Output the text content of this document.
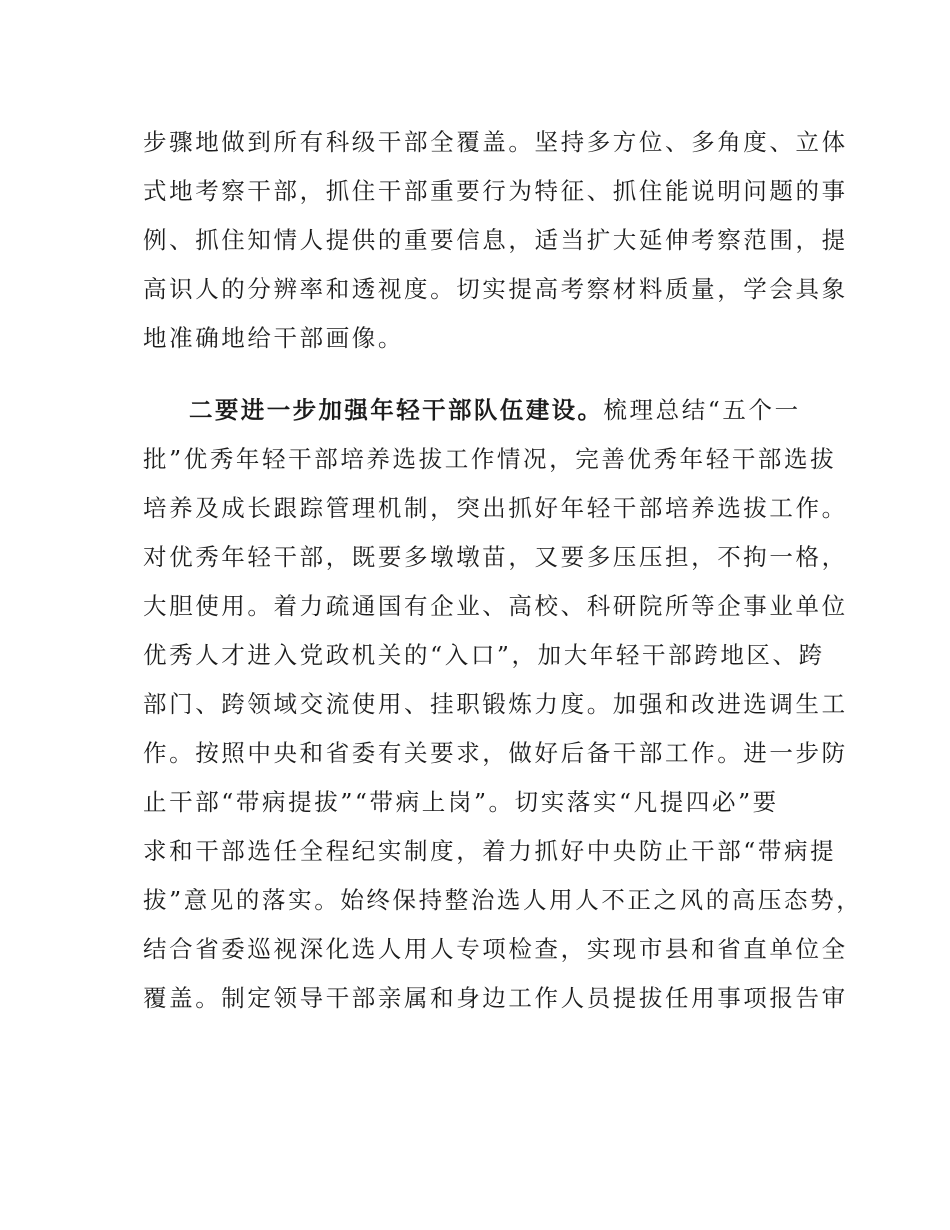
步骤地做到所有科级干部全覆盖。坚持多方位、多角度、立体
式地考察干部，抓住干部重要行为特征、抓住能说明问题的事
例、抓住知情人提供的重要信息，适当扩大延伸考察范围，提
高识人的分辨率和透视度。切实提高考察材料质量，学会具象
地准确地给干部画像。
二要进一步加强年轻干部队伍建设。梳理总结“五个一
批”优秀年轻干部培养选拔工作情况，完善优秀年轻干部选拔
培养及成长跟踪管理机制，突出抓好年轻干部培养选拔工作。
对优秀年轻干部，既要多墩墩苗，又要多压压担，不拘一格，
大胆使用。着力疏通国有企业、高校、科研院所等企事业单位
优秀人才进入党政机关的“入口”，加大年轻干部跨地区、跨
部门、跨领域交流使用、挂职锻炼力度。加强和改进选调生工
作。按照中央和省委有关要求，做好后备干部工作。进一步防
止干部“带病提拔”“带病上岗”。切实落实“凡提四必”要
求和干部选任全程纪实制度，着力抓好中央防止干部“带病提
拔”意见的落实。始终保持整治选人用人不正之风的高压态势，
结合省委巡视深化选人用人专项检查，实现市县和省直单位全
覆盖。制定领导干部亲属和身边工作人员提拔任用事项报告审
